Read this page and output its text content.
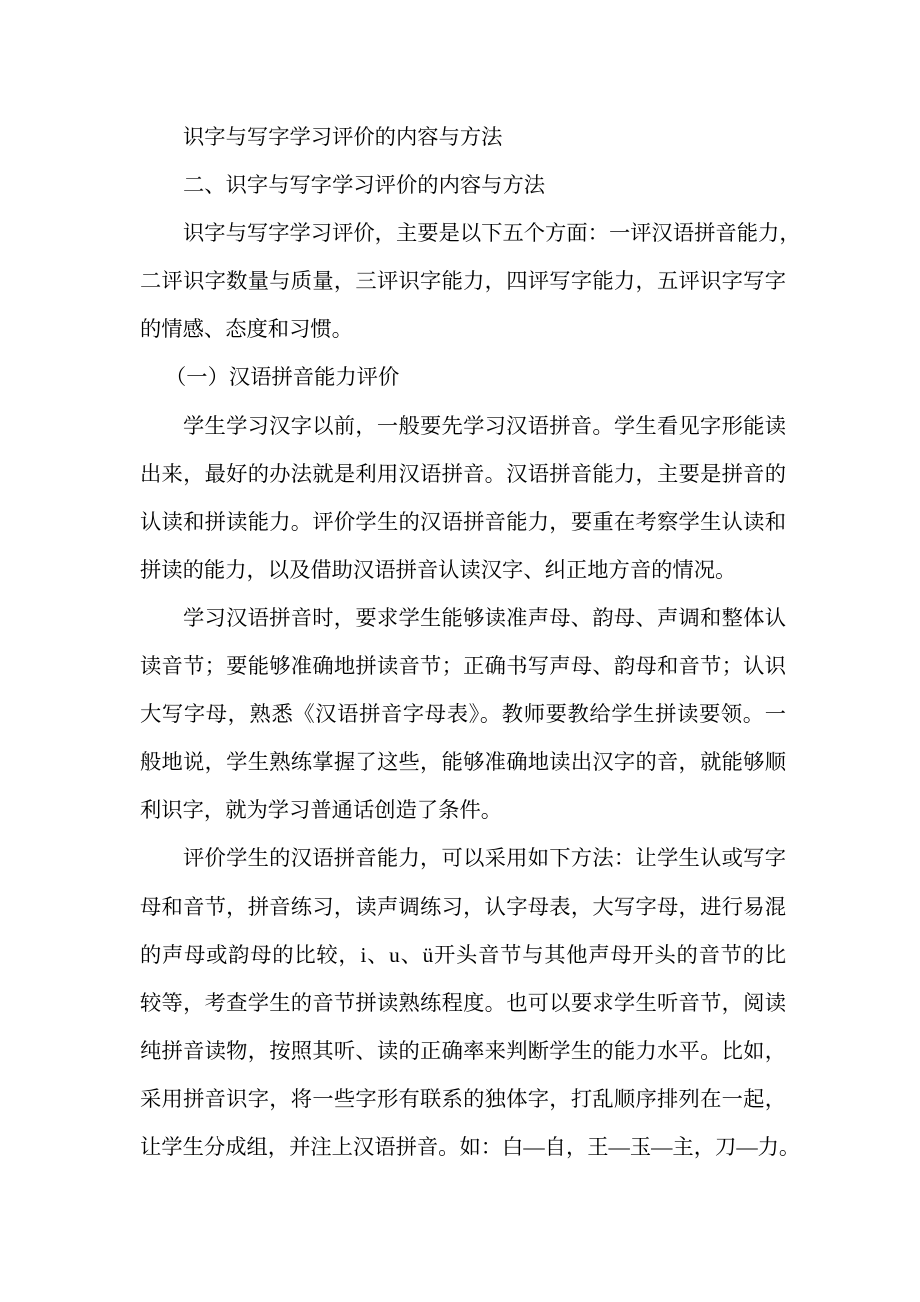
识字与写字学习评价的内容与方法
二、识字与写字学习评价的内容与方法
识字与写字学习评价，主要是以下五个方面：一评汉语拼音能力，
二评识字数量与质量，三评识字能力，四评写字能力，五评识字写字
的情感、态度和习惯。
（一）汉语拼音能力评价
学生学习汉字以前，一般要先学习汉语拼音。学生看见字形能读
出来，最好的办法就是利用汉语拼音。汉语拼音能力，主要是拼音的
认读和拼读能力。评价学生的汉语拼音能力，要重在考察学生认读和
拼读的能力，以及借助汉语拼音认读汉字、纠正地方音的情况。
学习汉语拼音时，要求学生能够读准声母、韵母、声调和整体认
读音节；要能够准确地拼读音节；正确书写声母、韵母和音节；认识
大写字母，熟悉《汉语拼音字母表》。教师要教给学生拼读要领。一
般地说，学生熟练掌握了这些，能够准确地读出汉字的音，就能够顺
利识字，就为学习普通话创造了条件。
评价学生的汉语拼音能力，可以采用如下方法：让学生认或写字
母和音节，拼音练习，读声调练习，认字母表，大写字母，进行易混
的声母或韵母的比较，i、u、ü开头音节与其他声母开头的音节的比
较等，考查学生的音节拼读熟练程度。也可以要求学生听音节，阅读
纯拼音读物，按照其听、读的正确率来判断学生的能力水平。比如，
采用拼音识字，将一些字形有联系的独体字，打乱顺序排列在一起，
让学生分成组，并注上汉语拼音。如：白—自，王—玉—主，刀—力。
